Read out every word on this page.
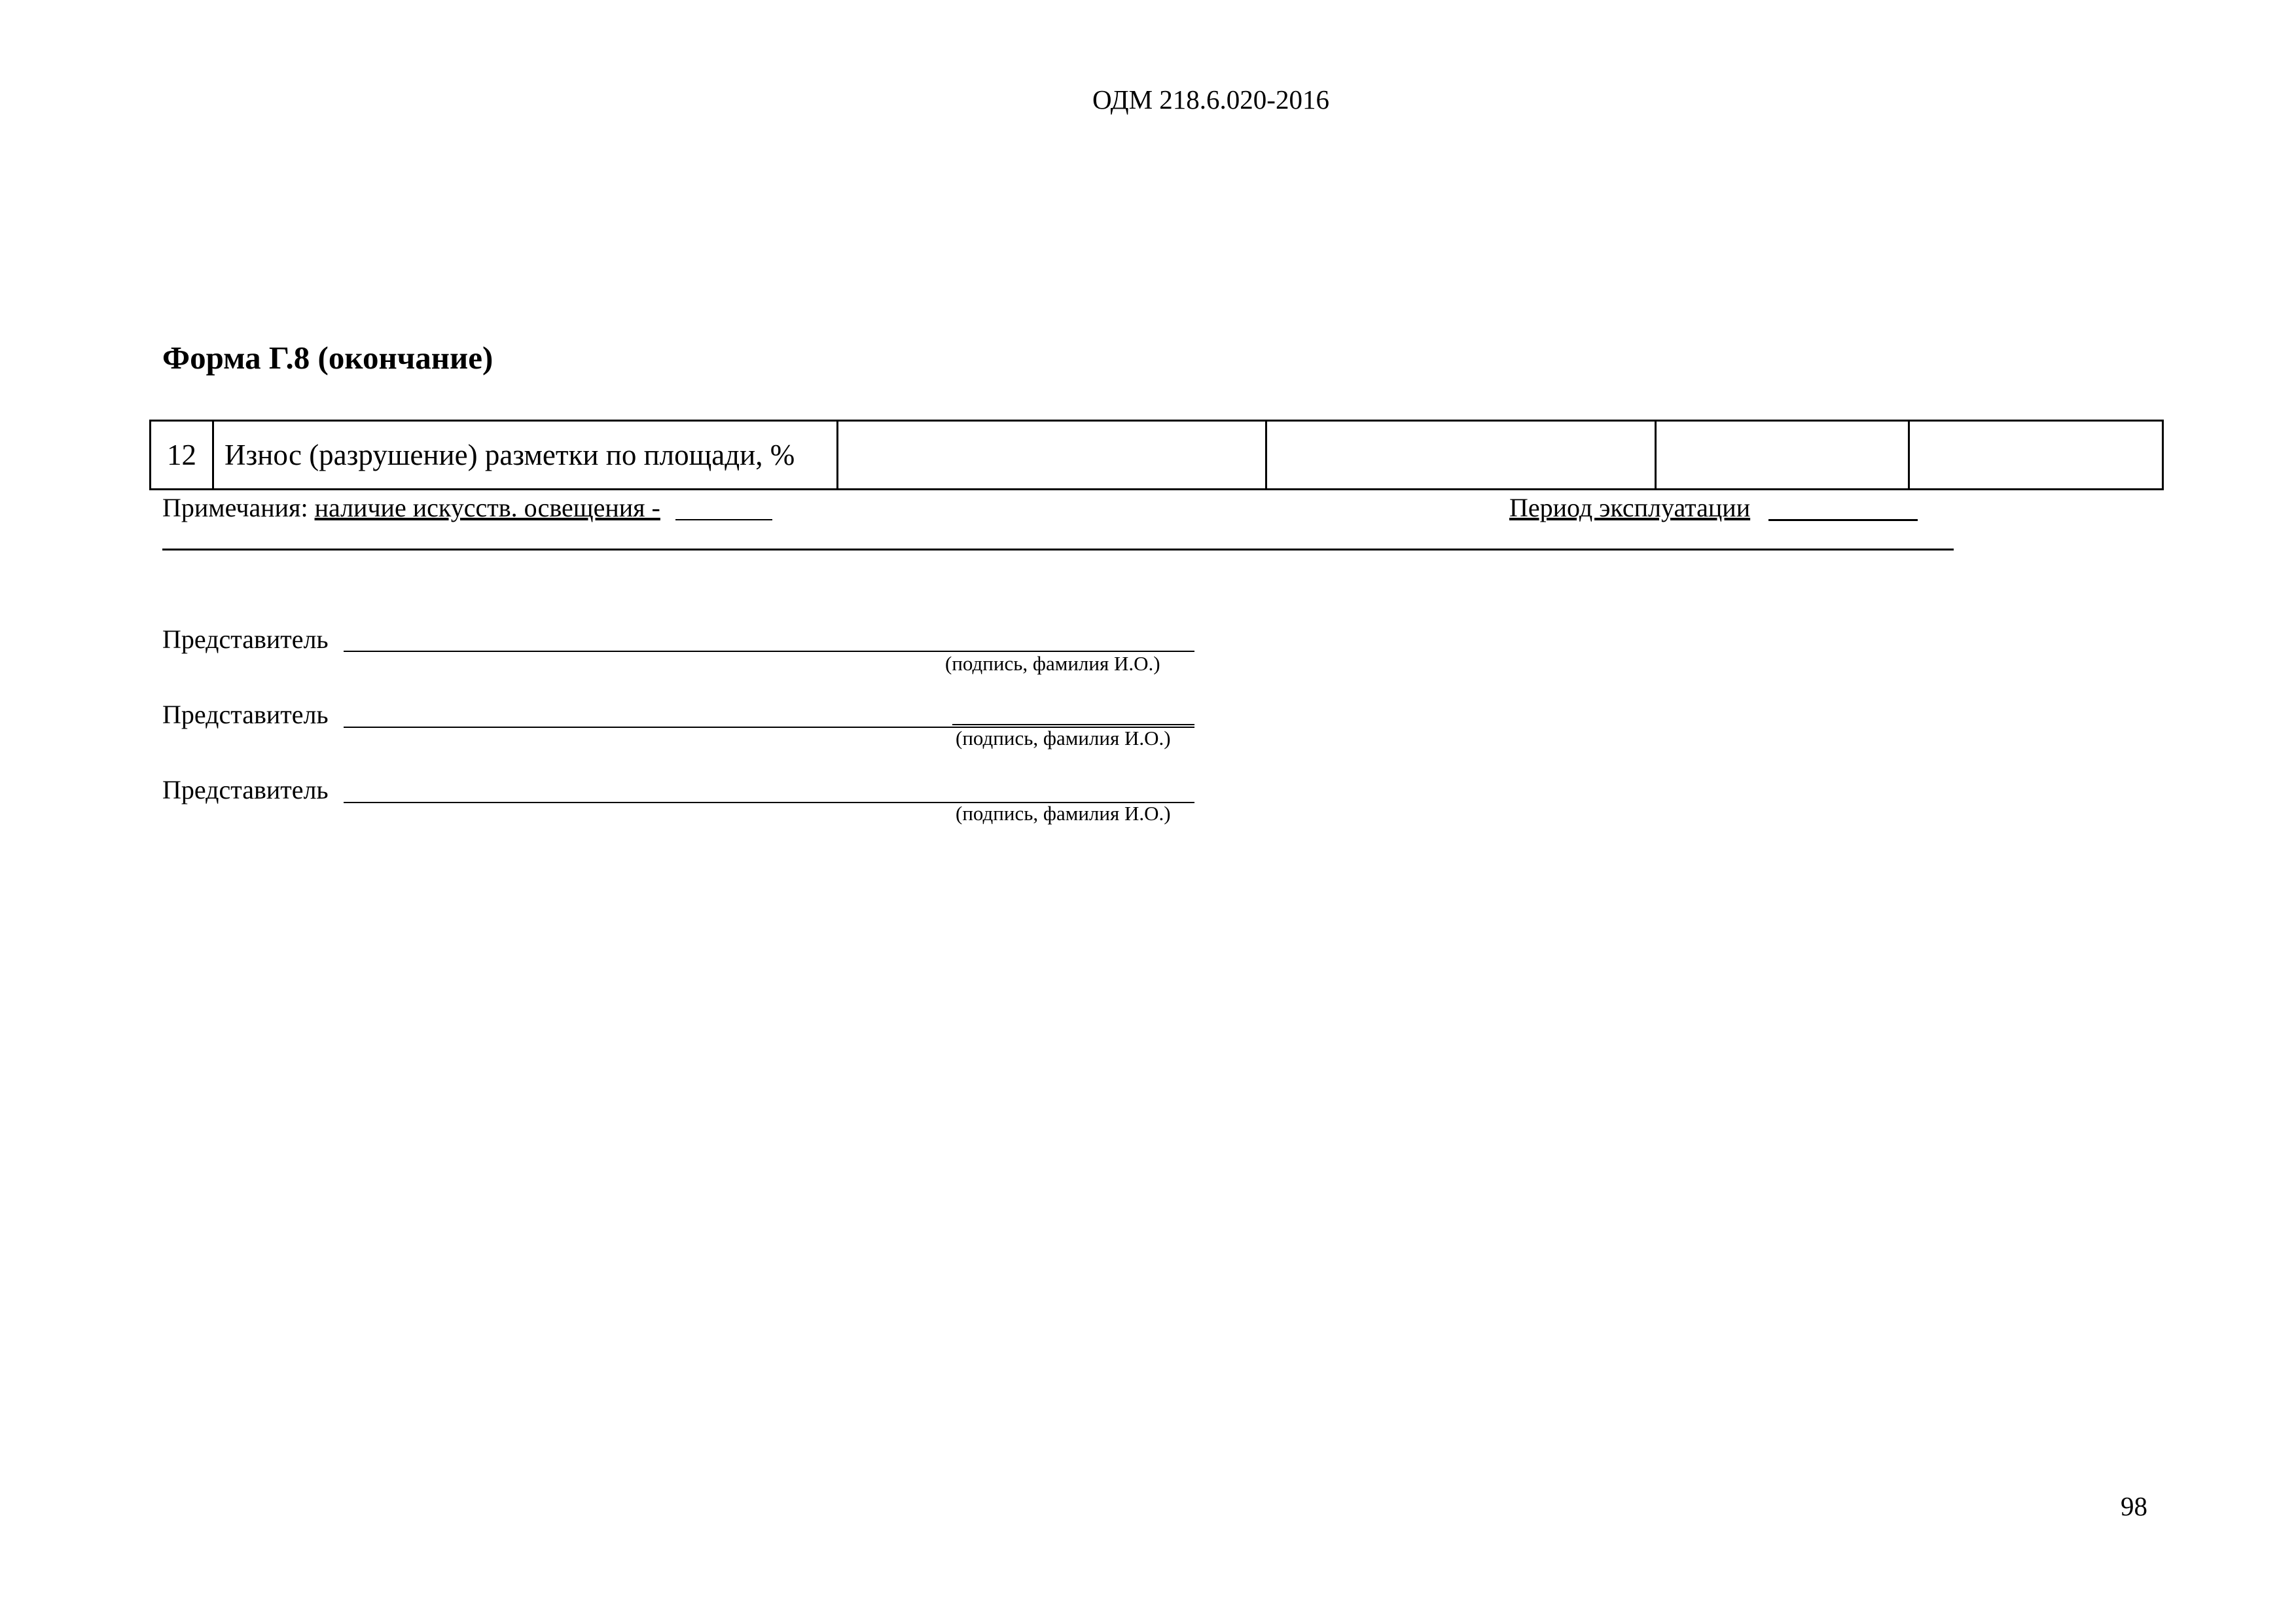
ОДМ 218.6.020-2016
Форма Г.8 (окончание)
12	Износ (разрушение) разметки по площади, %				
Примечания: наличие искусств. освещения -	Период эксплуатации
Представитель
(подпись, фамилия И.О.)
Представитель
(подпись, фамилия И.О.)
Представитель
(подпись, фамилия И.О.)
98
